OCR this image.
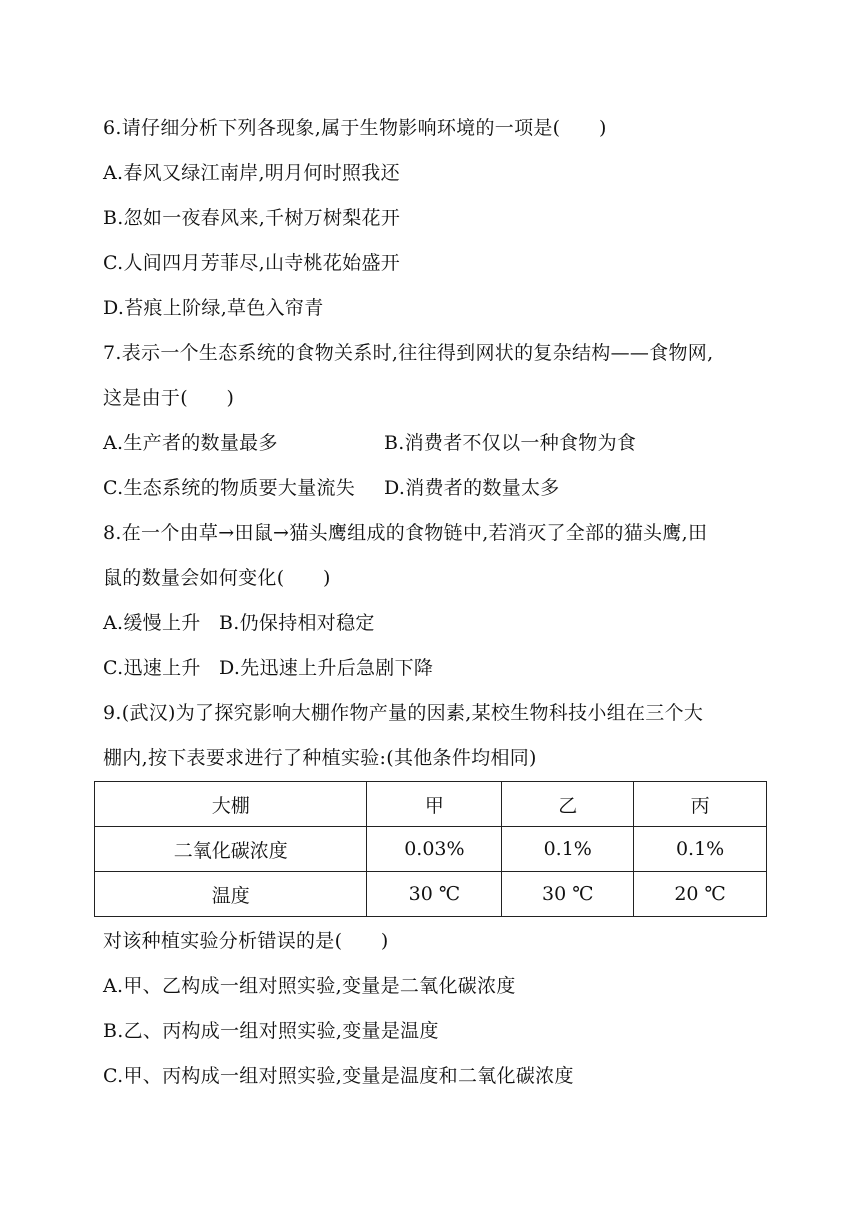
6.请仔细分析下列各现象,属于生物影响环境的一项是(　　)
A.春风又绿江南岸,明月何时照我还
B.忽如一夜春风来,千树万树梨花开
C.人间四月芳菲尽,山寺桃花始盛开
D.苔痕上阶绿,草色入帘青
7.表示一个生态系统的食物关系时,往往得到网状的复杂结构——食物网,
这是由于(　　)
A.生产者的数量最多	B.消费者不仅以一种食物为食
C.生态系统的物质要大量流失 D.消费者的数量太多
8.在一个由草→田鼠→猫头鹰组成的食物链中,若消灭了全部的猫头鹰,田
鼠的数量会如何变化(　　)
A.缓慢上升 B.仍保持相对稳定
C.迅速上升 D.先迅速上升后急剧下降
9.(武汉)为了探究影响大棚作物产量的因素,某校生物科技小组在三个大
棚内,按下表要求进行了种植实验:(其他条件均相同)
大棚	甲	乙	丙
二氧化碳浓度	0.03%	0.1%	0.1%
温度	30 ℃	30 ℃	20 ℃
对该种植实验分析错误的是(　　)
A.甲、乙构成一组对照实验,变量是二氧化碳浓度
B.乙、丙构成一组对照实验,变量是温度
C.甲、丙构成一组对照实验,变量是温度和二氧化碳浓度
